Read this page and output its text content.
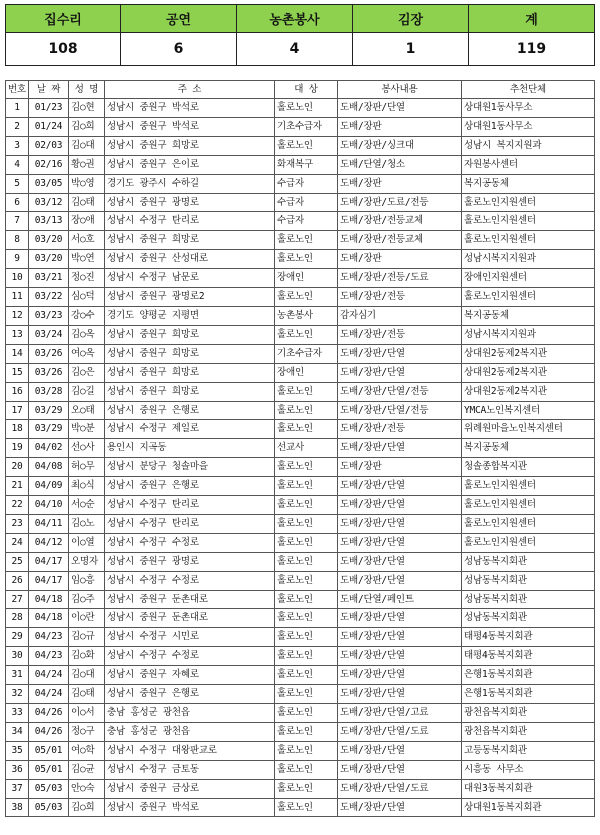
집수리	공연	농촌봉사	김장	계
108	6	4	1	119
번호	날 짜	성 명	주 소	대 상	봉사내용	추천단체
1	01/23	김○현	성남시 중원구 박석로	홀로노인	도배/장판/단열	상대원1동사무소
2	01/24	김○희	성남시 중원구 박석로	기초수급자	도배/장판	상대원1동사무소
3	02/03	김○대	성남시 중원구 희망로	홀로노인	도배/장판/싱크대	성남시 복지지원과
4	02/16	황○권	성남시 중원구 은이로	화재복구	도배/단열/청소	자원봉사센터
5	03/05	박○영	경기도 광주시 수하길	수급자	도배/장판	복지공동체
6	03/12	김○태	성남시 중원구 광명로	수급자	도배/장판/도료/전등	홀로노인지원센터
7	03/13	장○애	성남시 수정구 탄리로	수급자	도배/장판/전등교체	홀로노인지원센터
8	03/20	서○호	성남시 중원구 희망로	홀로노인	도배/장판/전등교체	홀로노인지원센터
9	03/20	박○연	성남시 중원구 산성대로	홀로노인	도배/장판	성남시복지지원과
10	03/21	정○진	성남시 수정구 남문로	장애인	도배/장판/전등/도료	장애인지원센터
11	03/22	심○덕	성남시 중원구 광명로2	홀로노인	도배/장판/전등	홀로노인지원센터
12	03/23	강○수	경기도 양평군 지평면	농촌봉사	감자심기	복지공동체
13	03/24	김○옥	성남시 중원구 희망로	홀로노인	도배/장판/전등	성남시복지지원과
14	03/26	여○옥	성남시 중원구 희망로	기초수급자	도배/장판/단열	상대원2동제2복지관
15	03/26	김○은	성남시 중원구 희망로	장애인	도배/장판/단열	상대원2동제2복지관
16	03/28	김○길	성남시 중원구 희망로	홀로노인	도배/장판/단열/전등	상대원2동제2복지관
17	03/29	오○태	성남시 중원구 은행로	홀로노인	도배/장판/단열/전등	YMCA노인복지센터
18	03/29	박○분	성남시 수정구 제일로	홀로노인	도배/장판/전등	위례원마을노인복지센터
19	04/02	선○사	용인시 지곡동	선교사	도배/장판/단열	복지공동체
20	04/08	허○무	성남시 분당구 청솔마을	홀로노인	도배/장판	청솔종합복지관
21	04/09	최○식	성남시 중원구 은행로	홀로노인	도배/장판/단열	홀로노인지원센터
22	04/10	서○순	성남시 수정구 탄리로	홀로노인	도배/장판/단열	홀로노인지원센터
23	04/11	김○노	성남시 수정구 탄리로	홀로노인	도배/장판/단열	홀로노인지원센터
24	04/12	이○열	성남시 수정구 수정로	홀로노인	도배/장판/단열	홀로노인지원센터
25	04/17	오명자	성남시 중원구 광명로	홀로노인	도배/장판/단열	성남동복지회관
26	04/17	임○흥	성남시 수정구 수정로	홀로노인	도배/장판/단열	성남동복지회관
27	04/18	김○주	성남시 중원구 둔촌대로	홀로노인	도배/단열/페인트	성남동복지회관
28	04/18	이○란	성남시 중원구 둔촌대로	홀로노인	도배/장판/단열	성남동복지회관
29	04/23	김○규	성남시 수정구 시민로	홀로노인	도배/장판/단열	태평4동복지회관
30	04/23	김○화	성남시 수정구 수정로	홀로노인	도배/장판/단열	태평4동복지회관
31	04/24	김○대	성남시 중원구 자혜로	홀로노인	도배/장판/단열	은행1동복지회관
32	04/24	김○태	성남시 중원구 은행로	홀로노인	도배/장판/단열	은행1동복지회관
33	04/26	이○서	충남 홍성군 광천읍	홀로노인	도배/장판/단열/고료	광천읍복지회관
34	04/26	정○구	충남 홍성군 광천읍	홀로노인	도배/장판/단열/도료	광천읍복지회관
35	05/01	여○학	성남시 수정구 대왕판교로	홀로노인	도배/장판/단열	고등동복지회관
36	05/01	김○균	성남시 수정구 금토동	홀로노인	도배/장판/단열	시흥동 사무소
37	05/03	안○숙	성남시 중원구 금상로	홀로노인	도배/장판/단열/도료	대원3동복지회관
38	05/03	김○희	성남시 중원구 박석로	홀로노인	도배/장판/단열	상대원1동복지회관
